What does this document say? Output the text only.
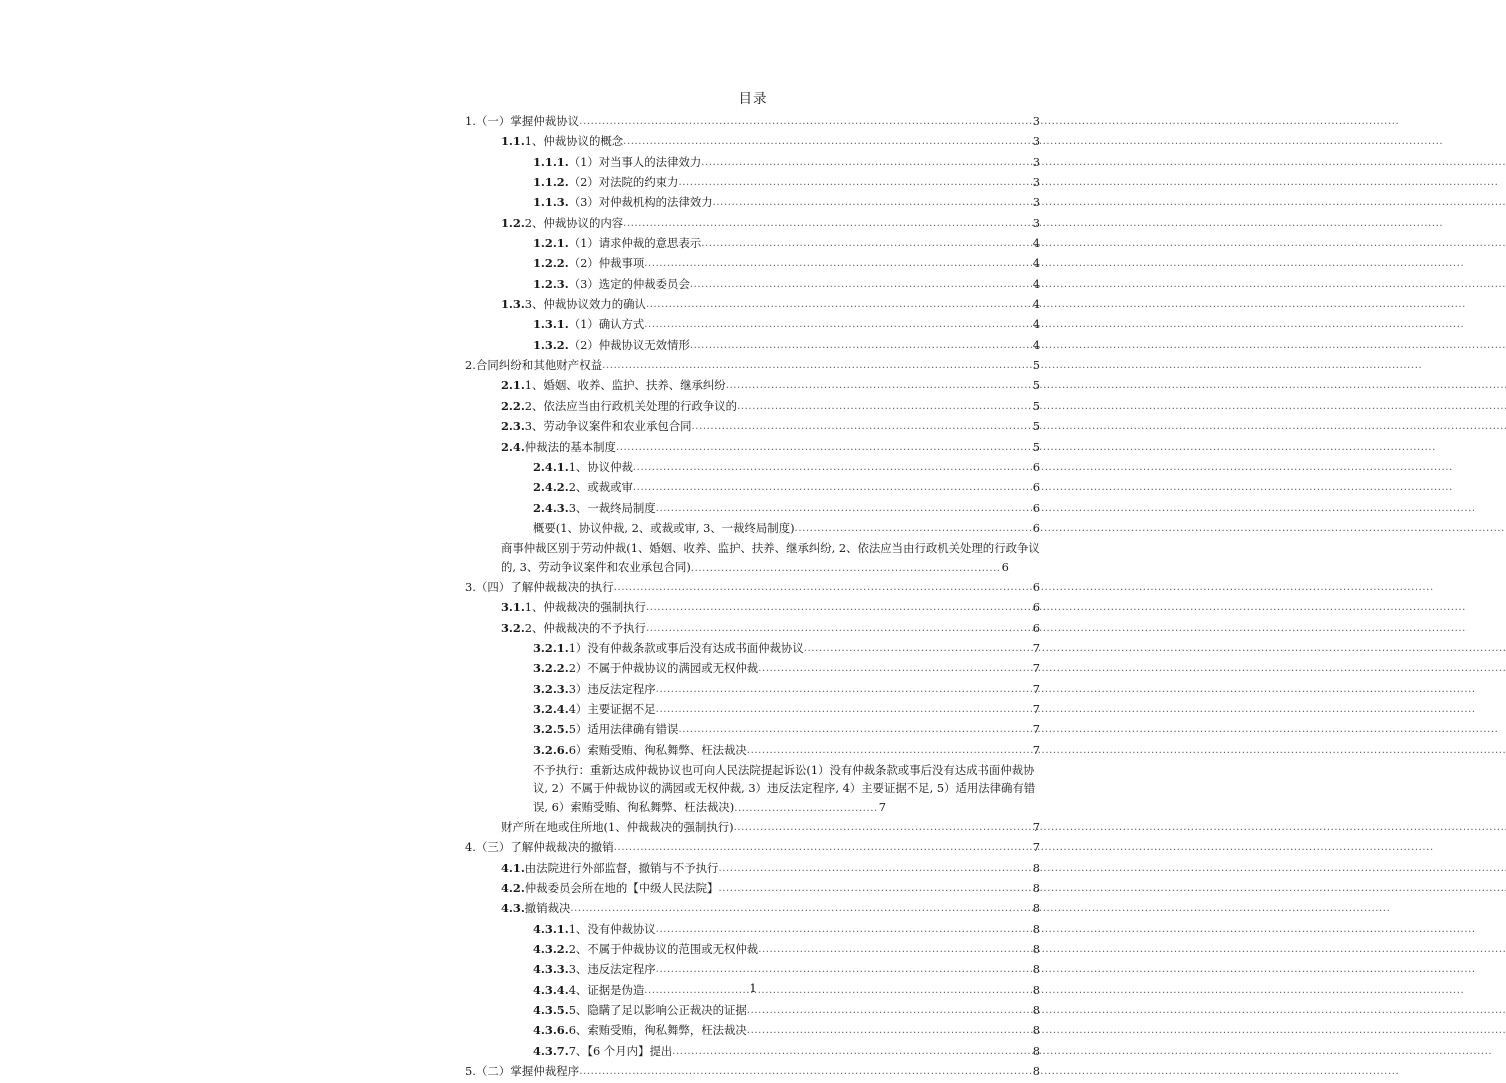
目录
1. （一）掌握仲裁协议 .....	3
1.1. 1、仲裁协议的概念 .....	3
1.1.1. （1）对当事人的法律效力 .....	3
1.1.2. （2）对法院的约束力 .....	3
1.1.3. （3）对仲裁机构的法律效力 .....	3
1.2. 2、仲裁协议的内容 .....	3
1.2.1. （1）请求仲裁的意思表示 .....	4
1.2.2. （2）仲裁事项 .....	4
1.2.3. （3）选定的仲裁委员会 .....	4
1.3. 3、仲裁协议效力的确认 .....	4
1.3.1. （1）确认方式 .....	4
1.3.2. （2）仲裁协议无效情形 .....	4
2. 合同纠纷和其他财产权益 .....	5
2.1. 1、婚姻、收养、监护、扶养、继承纠纷 .....	5
2.2. 2、依法应当由行政机关处理的行政争议的 .....	5
2.3. 3、劳动争议案件和农业承包合同 .....	5
2.4. 仲裁法的基本制度 .....	5
2.4.1. 1、协议仲裁 .....	6
2.4.2. 2、或裁或审 .....	6
2.4.3. 3、一裁终局制度 .....	6
概要(1、协议仲裁, 2、或裁或审, 3、一裁终局制度) .....	6
商事仲裁区别于劳动仲裁(1、婚姻、收养、监护、扶养、继承纠纷, 2、依法应当由行政机关处理的行政争议的, 3、劳动争议案件和农业承包合同) .....	6
3. （四）了解仲裁裁决的执行 .....	6
3.1. 1、仲裁裁决的强制执行 .....	6
3.2. 2、仲裁裁决的不予执行 .....	6
3.2.1. 1）没有仲裁条款或事后没有达成书面仲裁协议 .....	7
3.2.2. 2）不属于仲裁协议的满园或无权仲裁 .....	7
3.2.3. 3）违反法定程序 .....	7
3.2.4. 4）主要证据不足 .....	7
3.2.5. 5）适用法律确有错误 .....	7
3.2.6. 6）索贿受贿、徇私舞弊、枉法裁决 .....	7
不予执行：重新达成仲裁协议也可向人民法院提起诉讼(1）没有仲裁条款或事后没有达成书面仲裁协议, 2）不属于仲裁协议的满园或无权仲裁, 3）违反法定程序, 4）主要证据不足, 5）适用法律确有错误, 6）索贿受贿、徇私舞弊、枉法裁决) .....	7
财产所在地或住所地(1、仲裁裁决的强制执行) .....	7
4. （三）了解仲裁裁决的撤销 .....	7
4.1. 由法院进行外部监督，撤销与不予执行 .....	8
4.2. 仲裁委员会所在地的【中级人民法院】 .....	8
4.3. 撤销裁决 .....	8
4.3.1. 1、没有仲裁协议 .....	8
4.3.2. 2、不属于仲裁协议的范围或无权仲裁 .....	8
4.3.3. 3、违反法定程序 .....	8
4.3.4. 4、证据是伪造 .....	8
4.3.5. 5、隐瞒了足以影响公正裁决的证据 .....	8
4.3.6. 6、索贿受贿，徇私舞弊，枉法裁决 .....	8
4.3.7. 7、【6 个月内】提出 .....	8
5. （二）掌握仲裁程序 .....	8
1
